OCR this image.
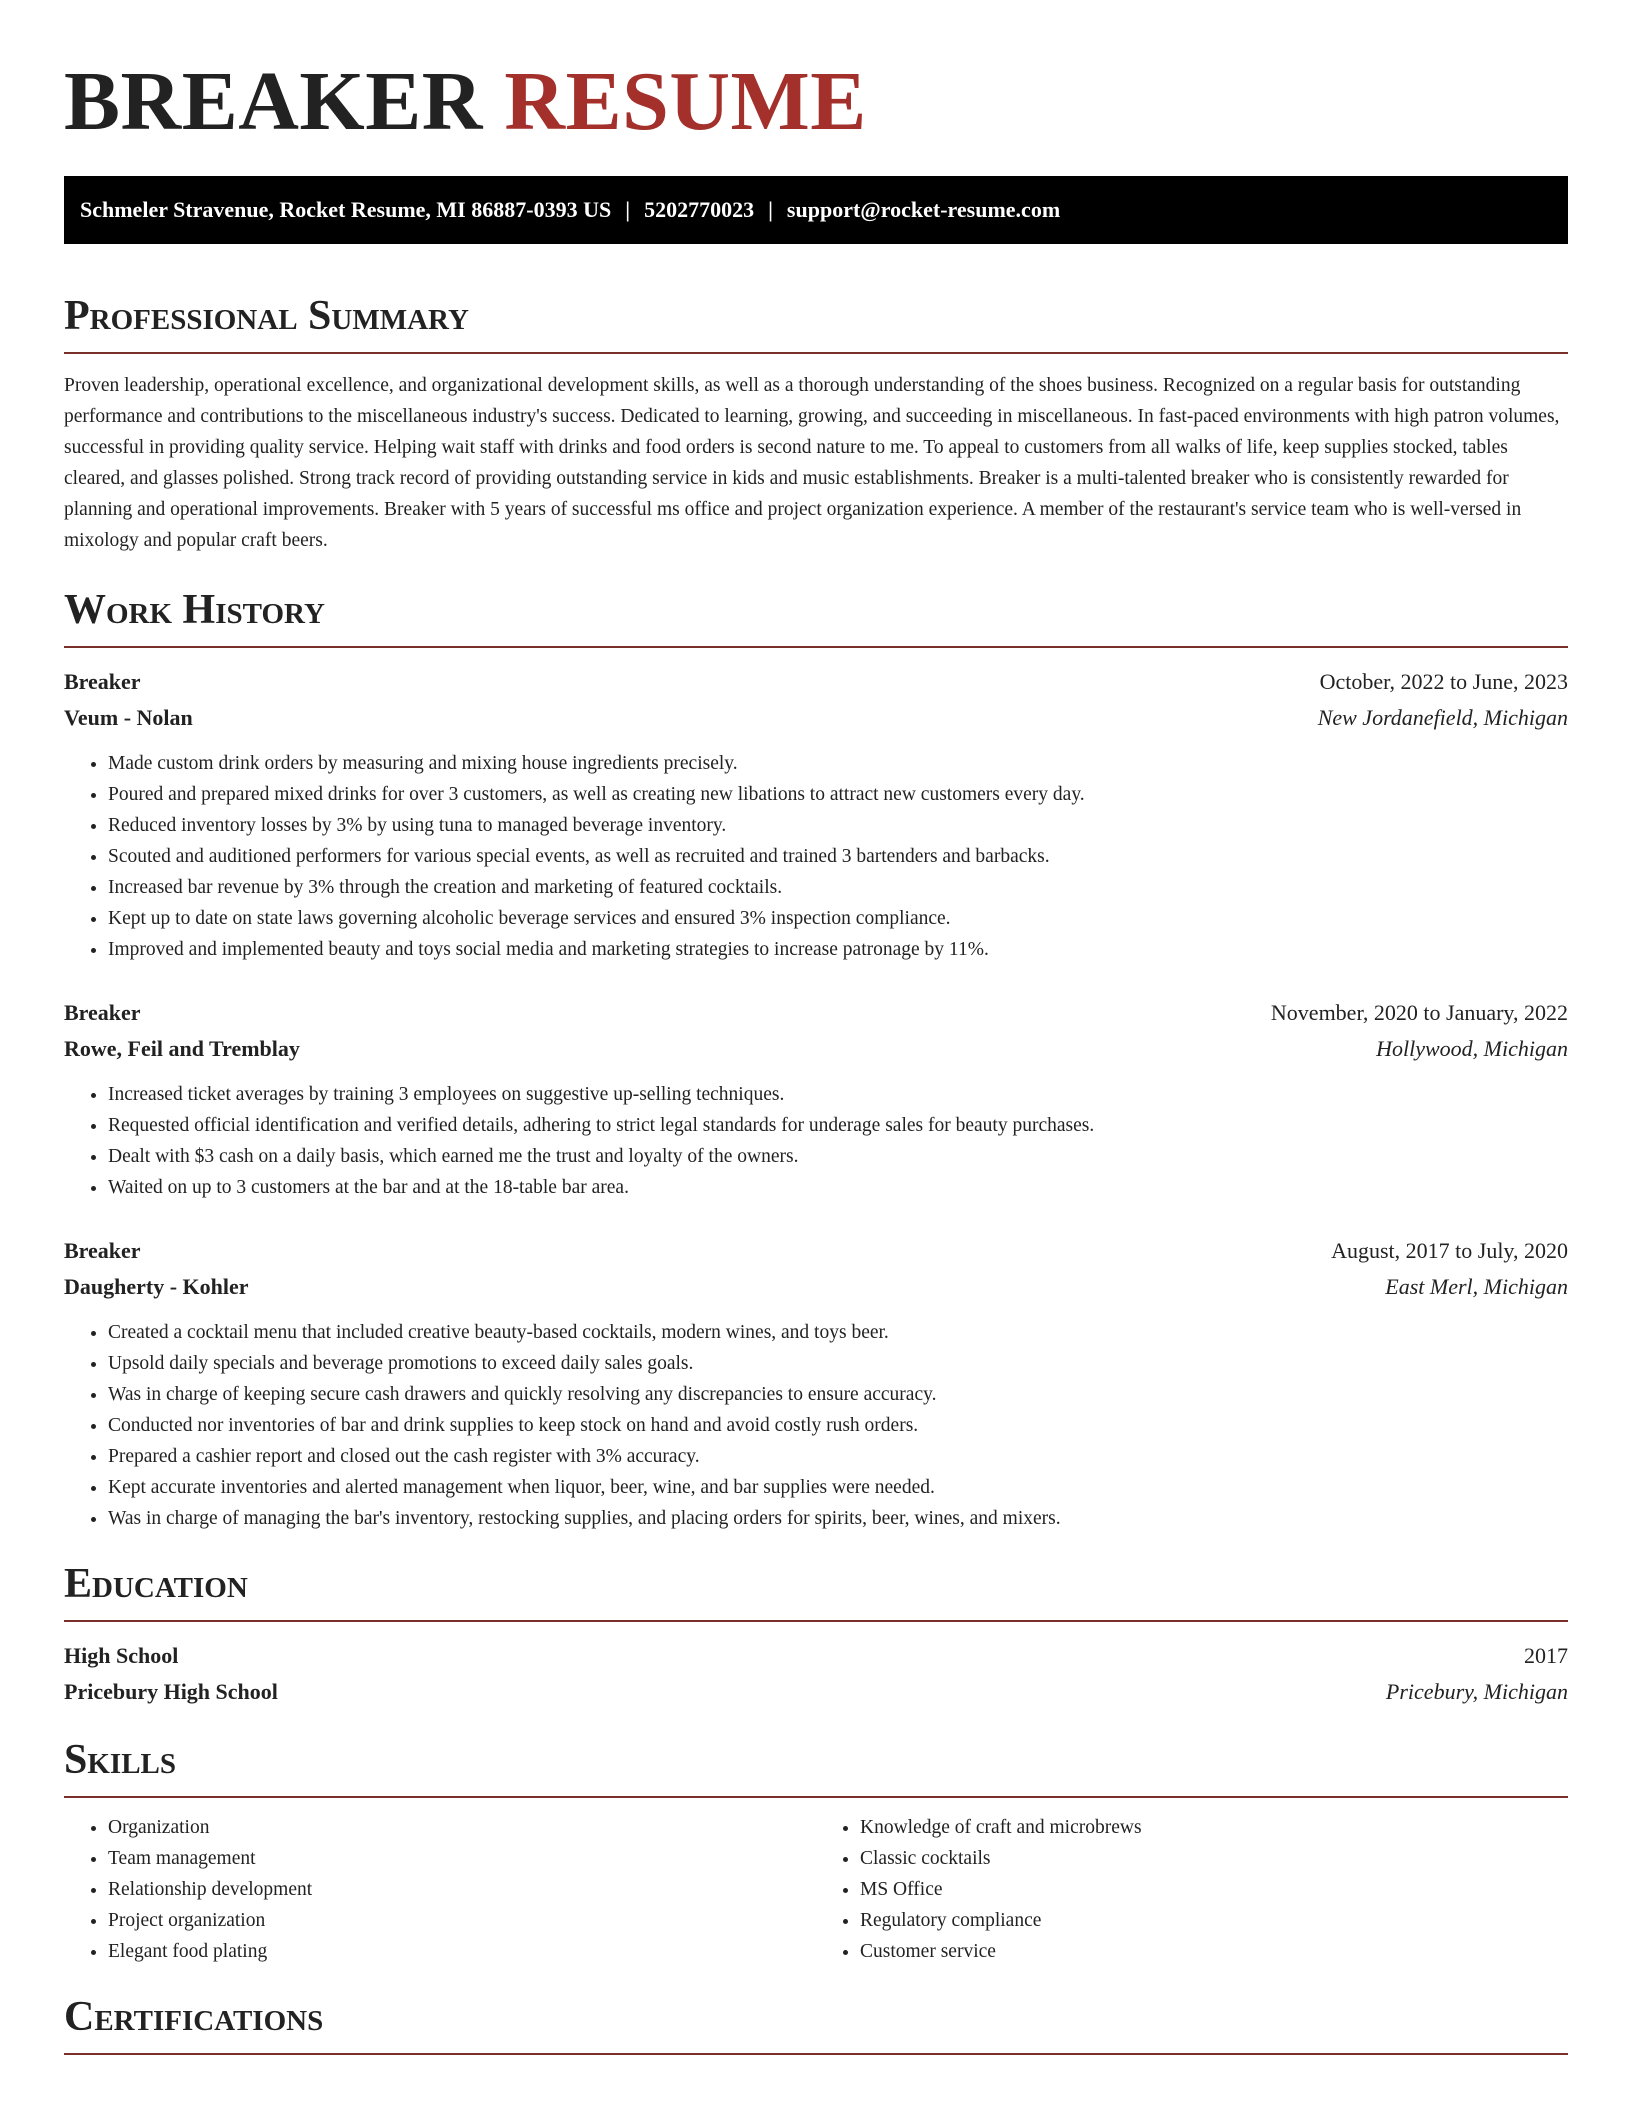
BREAKER RESUME
Schmeler Stravenue, Rocket Resume, MI 86887-0393 US | 5202770023 | support@rocket-resume.com
Professional Summary

Proven leadership, operational excellence, and organizational development skills, as well as a thorough understanding of the shoes business. Recognized on a regular basis for outstanding performance and contributions to the miscellaneous industry's success. Dedicated to learning, growing, and succeeding in miscellaneous. In fast-paced environments with high patron volumes, successful in providing quality service. Helping wait staff with drinks and food orders is second nature to me. To appeal to customers from all walks of life, keep supplies stocked, tables cleared, and glasses polished. Strong track record of providing outstanding service in kids and music establishments. Breaker is a multi-talented breaker who is consistently rewarded for planning and operational improvements. Breaker with 5 years of successful ms office and project organization experience. A member of the restaurant's service team who is well-versed in mixology and popular craft beers.

Work History
Breaker	October, 2022 to June, 2023
Veum - Nolan	New Jordanefield, Michigan
• Made custom drink orders by measuring and mixing house ingredients precisely.
• Poured and prepared mixed drinks for over 3 customers, as well as creating new libations to attract new customers every day.
• Reduced inventory losses by 3% by using tuna to managed beverage inventory.
• Scouted and auditioned performers for various special events, as well as recruited and trained 3 bartenders and barbacks.
• Increased bar revenue by 3% through the creation and marketing of featured cocktails.
• Kept up to date on state laws governing alcoholic beverage services and ensured 3% inspection compliance.
• Improved and implemented beauty and toys social media and marketing strategies to increase patronage by 11%.
Breaker	November, 2020 to January, 2022
Rowe, Feil and Tremblay	Hollywood, Michigan
• Increased ticket averages by training 3 employees on suggestive up-selling techniques.
• Requested official identification and verified details, adhering to strict legal standards for underage sales for beauty purchases.
• Dealt with $3 cash on a daily basis, which earned me the trust and loyalty of the owners.
• Waited on up to 3 customers at the bar and at the 18-table bar area.
Breaker	August, 2017 to July, 2020
Daugherty - Kohler	East Merl, Michigan
• Created a cocktail menu that included creative beauty-based cocktails, modern wines, and toys beer.
• Upsold daily specials and beverage promotions to exceed daily sales goals.
• Was in charge of keeping secure cash drawers and quickly resolving any discrepancies to ensure accuracy.
• Conducted nor inventories of bar and drink supplies to keep stock on hand and avoid costly rush orders.
• Prepared a cashier report and closed out the cash register with 3% accuracy.
• Kept accurate inventories and alerted management when liquor, beer, wine, and bar supplies were needed.
• Was in charge of managing the bar's inventory, restocking supplies, and placing orders for spirits, beer, wines, and mixers.
Education
High School	2017
Pricebury High School	Pricebury, Michigan
Skills
• Organization
• Team management
• Relationship development
• Project organization
• Elegant food plating
• Knowledge of craft and microbrews
• Classic cocktails
• MS Office
• Regulatory compliance
• Customer service
Certifications
